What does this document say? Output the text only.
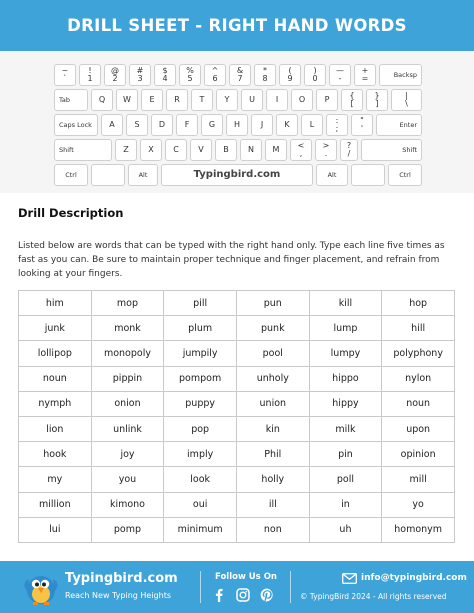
DRILL SHEET - RIGHT HAND WORDS
~
`
!
1
@
2
#
3
$
4
%
5
^
6
&
7
*
8
(
9
)
0
—
-
+
=	Backsp
Tab	Q	W	E	R	T	Y	U	I	O	P	{
[
}
]
|
\
Caps Lock	A	S	D	F	G	H	J	K	L	:
;
"
'	Enter
Shift	Z	X	C	V	B	N	M	<
,
>
.
?
/	Shift
Ctrl	Alt	Typingbird.com	Alt	Ctrl
Drill Description
Listed below are words that can be typed with the right hand only. Type each line five times as fast as you can. Be sure to maintain proper technique and finger placement, and refrain from looking at your fingers.
him	mop	pill	pun	kill	hop
junk	monk	plum	punk	lump	hill
lollipop	monopoly	jumpily	pool	lumpy	polyphony
noun	pippin	pompom	unholy	hippo	nylon
nymph	onion	puppy	union	hippy	noun
lion	unlink	pop	kin	milk	upon
hook	joy	imply	Phil	pin	opinion
my	you	look	holly	poll	mill
million	kimono	oui	ill	in	yo
lui	pomp	minimum	non	uh	homonym
Typingbird.com
Reach New Typing Heights
Follow Us On	info@typingbird.com
© TypingBird 2024 - All rights reserved
